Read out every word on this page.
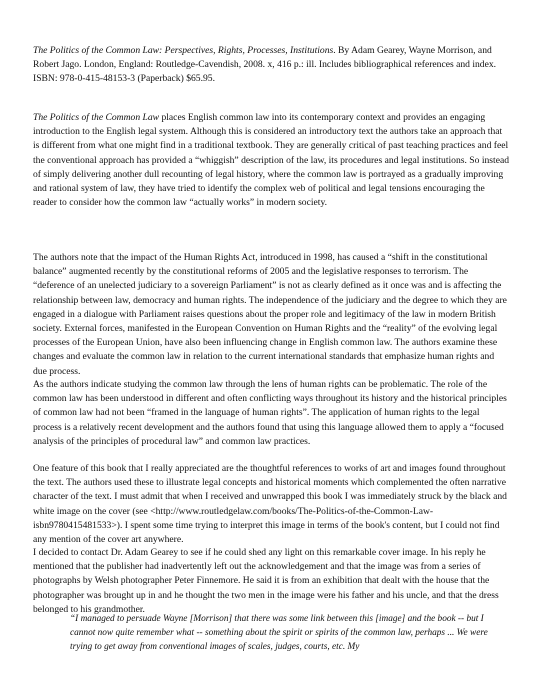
The Politics of the Common Law: Perspectives, Rights, Processes, Institutions. By Adam Gearey, Wayne Morrison, and Robert Jago. London, England: Routledge-Cavendish, 2008. x, 416 p.: ill. Includes bibliographical references and index. ISBN: 978-0-415-48153-3 (Paperback) $65.95.

The Politics of the Common Law places English common law into its contemporary context and provides an engaging introduction to the English legal system. Although this is considered an introductory text the authors take an approach that is different from what one might find in a traditional textbook. They are generally critical of past teaching practices and feel the conventional approach has provided a “whiggish” description of the law, its procedures and legal institutions. So instead of simply delivering another dull recounting of legal history, where the common law is portrayed as a gradually improving and rational system of law, they have tried to identify the complex web of political and legal tensions encouraging the reader to consider how the common law “actually works” in modern society.

The authors note that the impact of the Human Rights Act, introduced in 1998, has caused a “shift in the constitutional balance” augmented recently by the constitutional reforms of 2005 and the legislative responses to terrorism. The “deference of an unelected judiciary to a sovereign Parliament” is not as clearly defined as it once was and is affecting the relationship between law, democracy and human rights. The independence of the judiciary and the degree to which they are engaged in a dialogue with Parliament raises questions about the proper role and legitimacy of the law in modern British society. External forces, manifested in the European Convention on Human Rights and the “reality” of the evolving legal processes of the European Union, have also been influencing change in English common law. The authors examine these changes and evaluate the common law in relation to the current international standards that emphasize human rights and due process.

As the authors indicate studying the common law through the lens of human rights can be problematic. The role of the common law has been understood in different and often conflicting ways throughout its history and the historical principles of common law had not been “framed in the language of human rights”. The application of human rights to the legal process is a relatively recent development and the authors found that using this language allowed them to apply a “focused analysis of the principles of procedural law” and common law practices.

One feature of this book that I really appreciated are the thoughtful references to works of art and images found throughout the text. The authors used these to illustrate legal concepts and historical moments which complemented the often narrative character of the text. I must admit that when I received and unwrapped this book I was immediately struck by the black and white image on the cover (see <http://www.routledgelaw.com/books/The-Politics-of-the-Common-Law-isbn9780415481533>). I spent some time trying to interpret this image in terms of the book's content, but I could not find any mention of the cover art anywhere.

I decided to contact Dr. Adam Gearey to see if he could shed any light on this remarkable cover image. In his reply he mentioned that the publisher had inadvertently left out the acknowledgement and that the image was from a series of photographs by Welsh photographer Peter Finnemore. He said it is from an exhibition that dealt with the house that the photographer was brought up in and he thought the two men in the image were his father and his uncle, and that the dress belonged to his grandmother.

“I managed to persuade Wayne [Morrison] that there was some link between this [image] and the book -- but I cannot now quite remember what -- something about the spirit or spirits of the common law, perhaps ... We were trying to get away from conventional images of scales, judges, courts, etc. My
